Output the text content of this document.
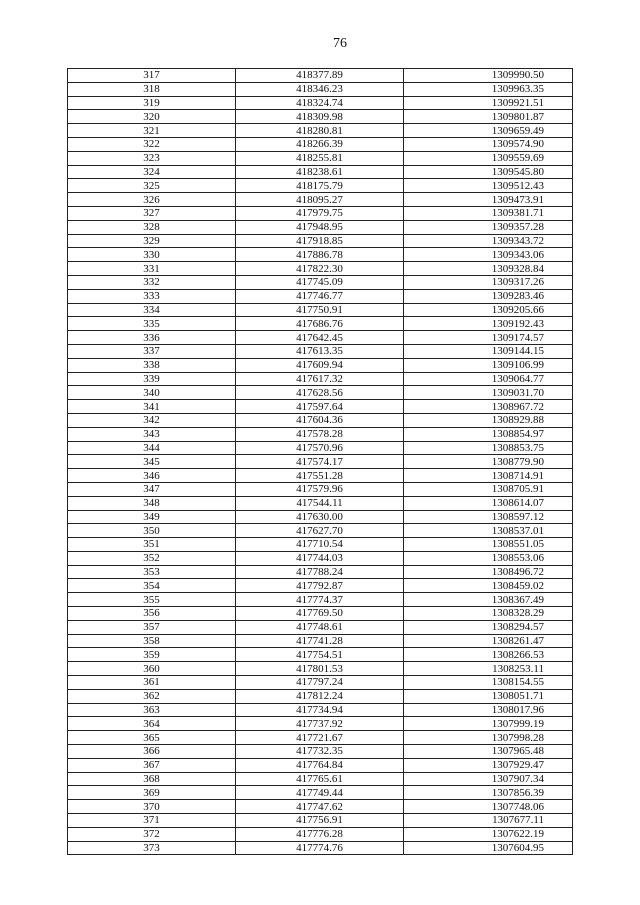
76
317	418377.89	1309990.50
318	418346.23	1309963.35
319	418324.74	1309921.51
320	418309.98	1309801.87
321	418280.81	1309659.49
322	418266.39	1309574.90
323	418255.81	1309559.69
324	418238.61	1309545.80
325	418175.79	1309512.43
326	418095.27	1309473.91
327	417979.75	1309381.71
328	417948.95	1309357.28
329	417918.85	1309343.72
330	417886.78	1309343.06
331	417822.30	1309328.84
332	417745.09	1309317.26
333	417746.77	1309283.46
334	417750.91	1309205.66
335	417686.76	1309192.43
336	417642.45	1309174.57
337	417613.35	1309144.15
338	417609.94	1309106.99
339	417617.32	1309064.77
340	417628.56	1309031.70
341	417597.64	1308967.72
342	417604.36	1308929.88
343	417578.28	1308854.97
344	417570.96	1308853.75
345	417574.17	1308779.90
346	417551.28	1308714.91
347	417579.96	1308705.91
348	417544.11	1308614.07
349	417630.00	1308597.12
350	417627.70	1308537.01
351	417710.54	1308551.05
352	417744.03	1308553.06
353	417788.24	1308496.72
354	417792.87	1308459.02
355	417774.37	1308367.49
356	417769.50	1308328.29
357	417748.61	1308294.57
358	417741.28	1308261.47
359	417754.51	1308266.53
360	417801.53	1308253.11
361	417797.24	1308154.55
362	417812.24	1308051.71
363	417734.94	1308017.96
364	417737.92	1307999.19
365	417721.67	1307998.28
366	417732.35	1307965.48
367	417764.84	1307929.47
368	417765.61	1307907.34
369	417749.44	1307856.39
370	417747.62	1307748.06
371	417756.91	1307677.11
372	417776.28	1307622.19
373	417774.76	1307604.95
